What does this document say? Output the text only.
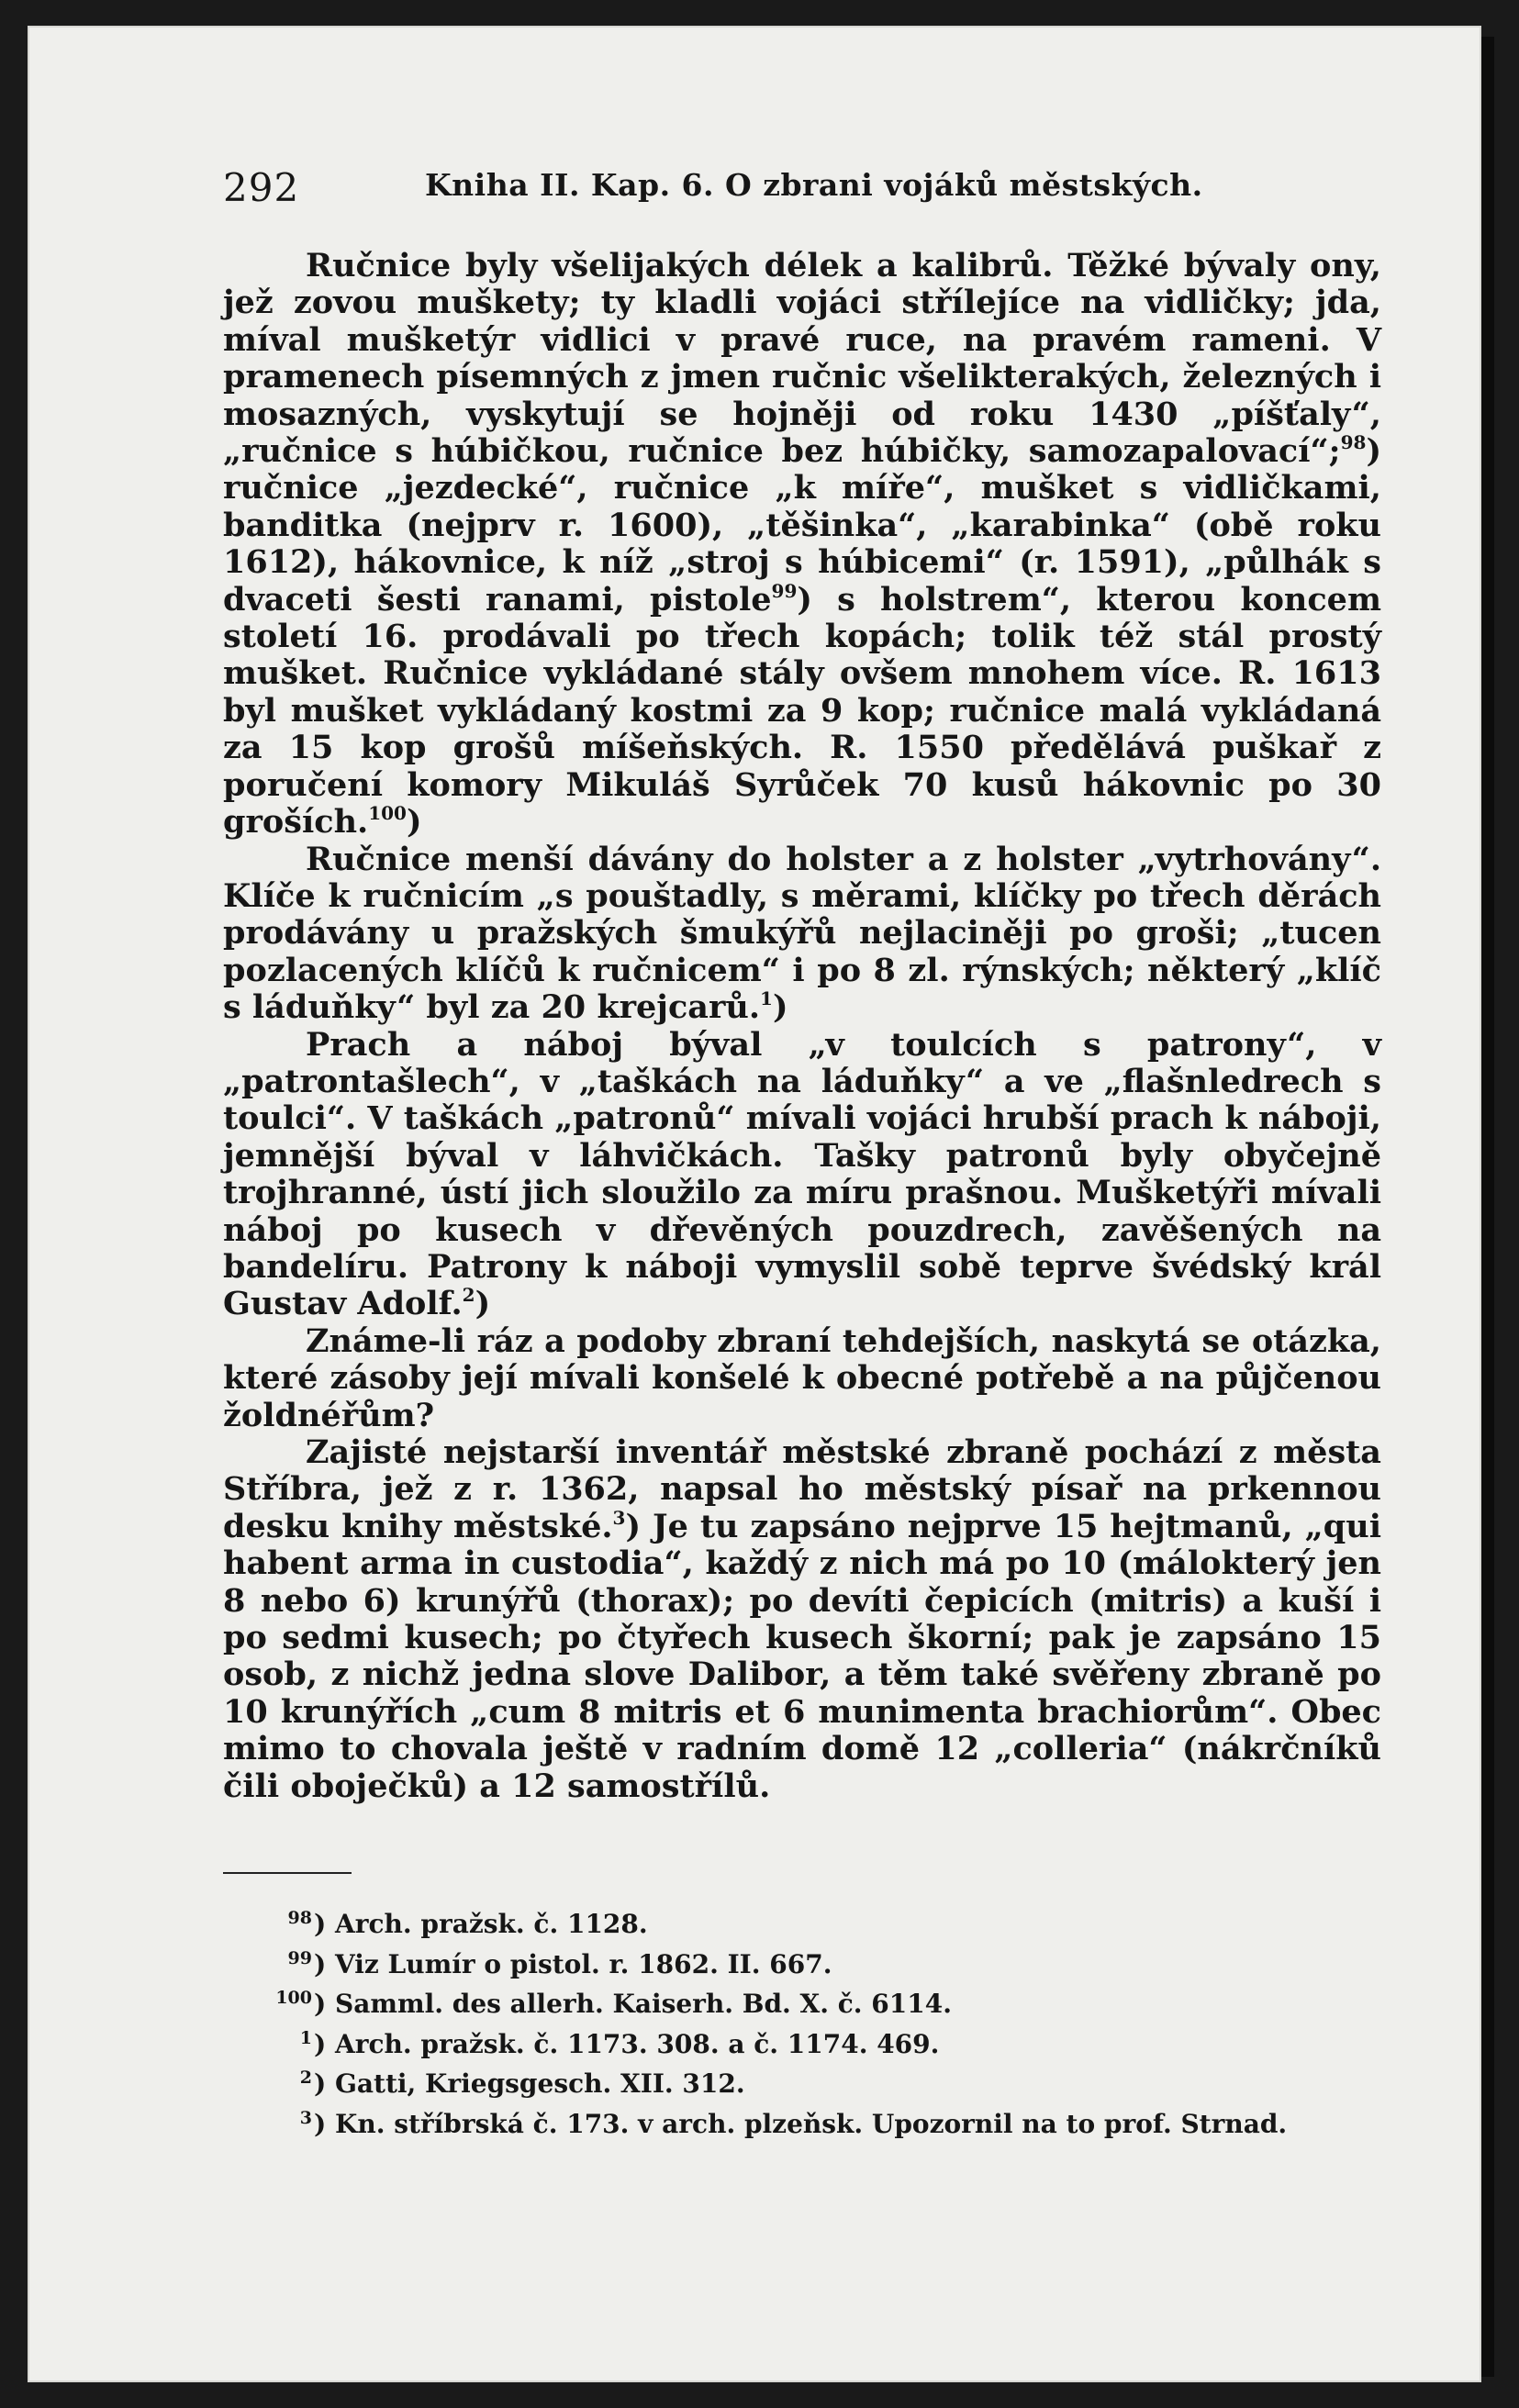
292	Kniha II. Kap. 6. O zbrani vojáků městských.

Ručnice byly všelijakých délek a kalibrů. Těžké bývaly ony, jež zovou muškety; ty kladli vojáci střílejíce na vidličky; jda, míval mušketýr vidlici v pravé ruce, na pravém rameni. V pramenech písemných z jmen ručnic všelikterakých, železných i mosazných, vyskytují se hojněji od roku 1430 „píšťaly“, „ručnice s húbičkou, ručnice bez húbičky, samozapalovací“;$^{98}$) ručnice „jezdecké“, ručnice „k míře“, mušket s vidličkami, banditka (nejprv r. 1600), „těšinka“, „karabinka“ (obě roku 1612), hákovnice, k níž „stroj s húbicemi“ (r. 1591), „půlhák s dvaceti šesti ranami, pistole$^{99}$) s holstrem“, kterou koncem století 16. prodávali po třech kopách; tolik též stál prostý mušket. Ručnice vykládané stály ovšem mnohem více. R. 1613 byl mušket vykládaný kostmi za 9 kop; ručnice malá vykládaná za 15 kop grošů míšeňských. R. 1550 předělává puškař z poručení komory Mikuláš Syrůček 70 kusů hákovnic po 30 groších.$^{100}$)

Ručnice menší dávány do holster a z holster „vytrhovány“. Klíče k ručnicím „s pouštadly, s měrami, klíčky po třech děrách prodávány u pražských šmukýřů nejlaciněji po groši; „tucen pozlacených klíčů k ručnicem“ i po 8 zl. rýnských; některý „klíč s láduňky“ byl za 20 krejcarů.$^1$)

Prach a náboj býval „v toulcích s patrony“, v „patrontašlech“, v „taškách na láduňky“ a ve „flašnledrech s toulci“. V taškách „patronů“ mívali vojáci hrubší prach k náboji, jemnější býval v láhvičkách. Tašky patronů byly obyčejně trojhranné, ústí jich sloužilo za míru prašnou. Mušketýři mívali náboj po kusech v dřevěných pouzdrech, zavěšených na bandelíru. Patrony k náboji vymyslil sobě teprve švédský král Gustav Adolf.$^2$)

Známe-li ráz a podoby zbraní tehdejších, naskytá se otázka, které zásoby její mívali konšelé k obecné potřebě a na půjčenou žoldnéřům?

Zajisté nejstarší inventář městské zbraně pochází z města Stříbra, jež z r. 1362, napsal ho městský písař na prkennou desku knihy městské.$^3$) Je tu zapsáno nejprve 15 hejtmanů, „qui habent arma in custodia“, každý z nich má po 10 (málokterý jen 8 nebo 6) krunýřů (thorax); po devíti čepicích (mitris) a kuší i po sedmi kusech; po čtyřech kusech škorní; pak je zapsáno 15 osob, z nichž jedna slove Dalibor, a těm také svěřeny zbraně po 10 krunýřích „cum 8 mitris et 6 munimenta brachiorům“. Obec mimo to chovala ještě v radním domě 12 „colleria“ (nákrčníků čili oboječků) a 12 samostřílů.

98) Arch. pražsk. č. 1128.
99) Viz Lumír o pistol. r. 1862. II. 667.
100) Samml. des allerh. Kaiserh. Bd. X. č. 6114.
1) Arch. pražsk. č. 1173. 308. a č. 1174. 469.
2) Gatti, Kriegsgesch. XII. 312.
3) Kn. stříbrská č. 173. v arch. plzeňsk. Upozornil na to prof. Strnad.
